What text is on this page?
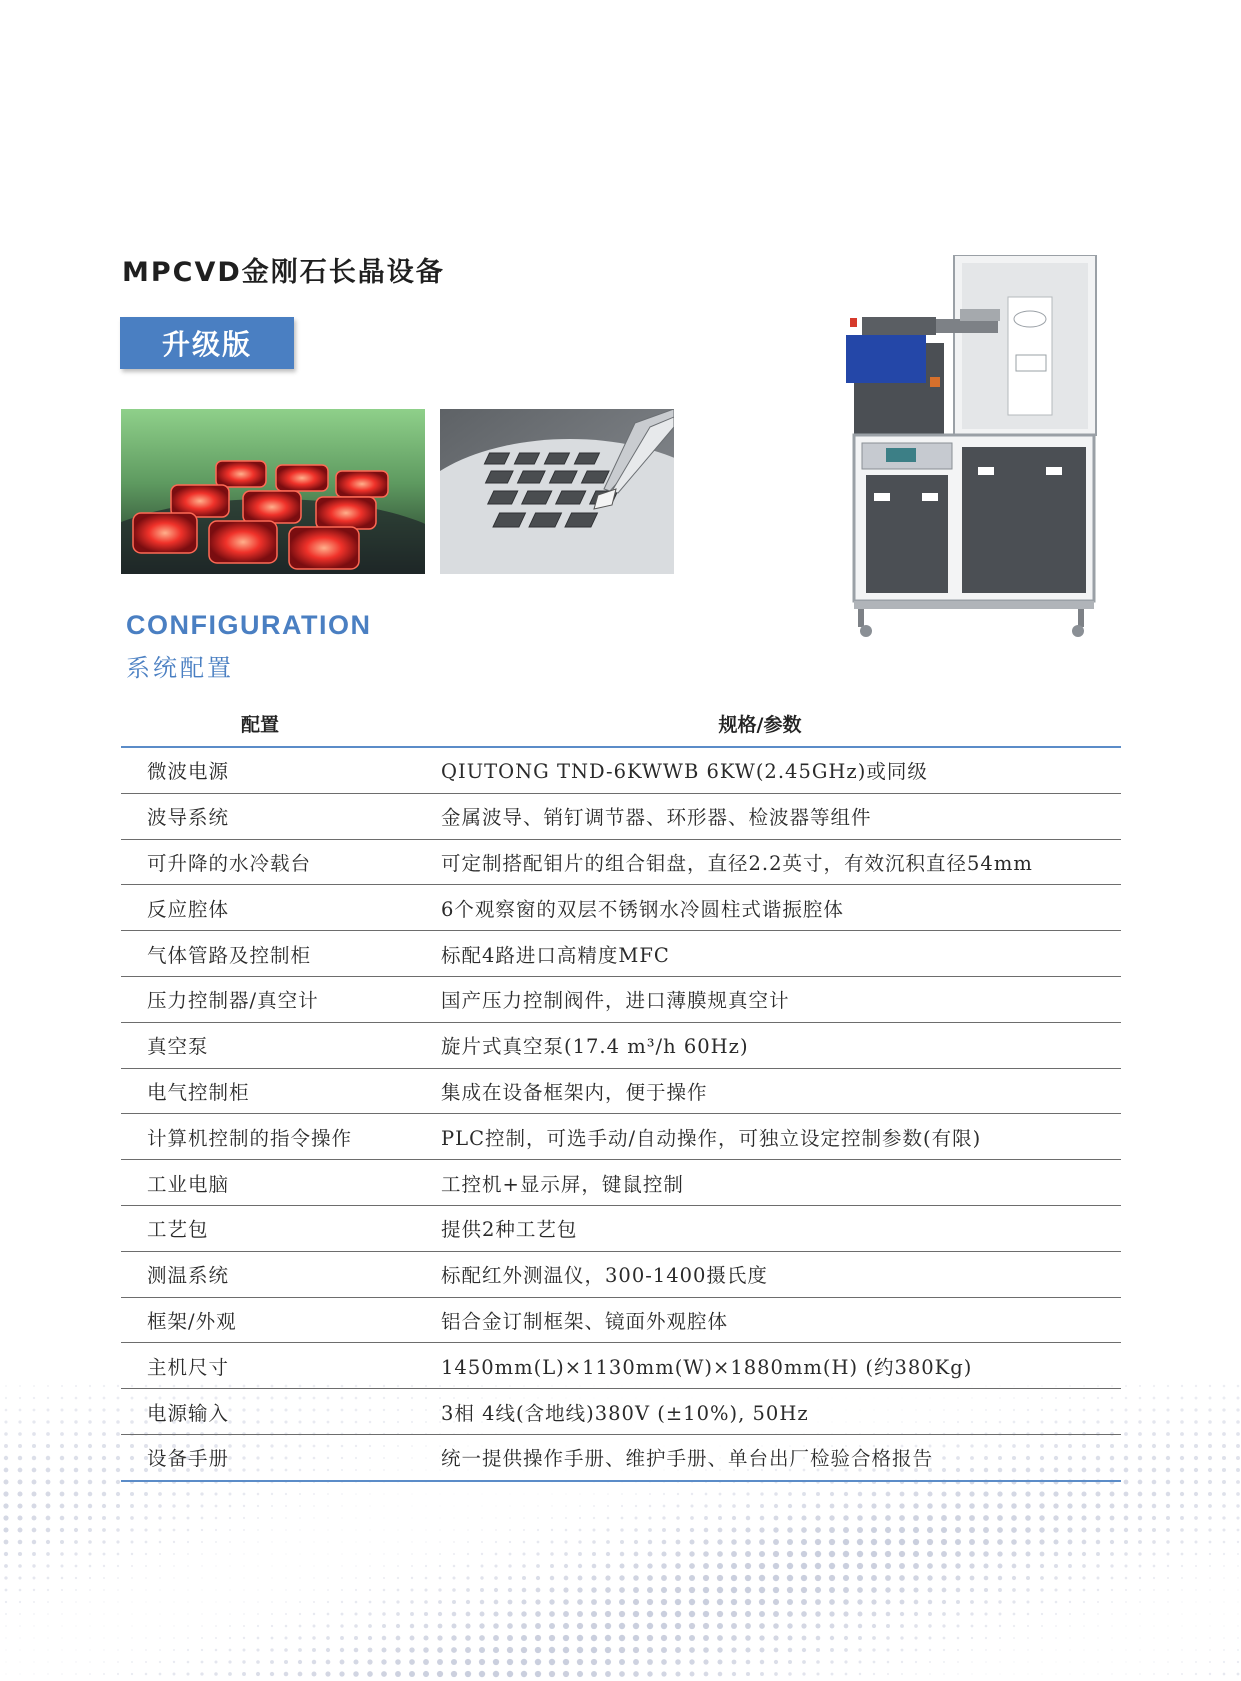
MPCVD金刚石长晶设备
升级版
CONFIGURATION
系统配置
配置	规格/参数
微波电源	QIUTONG TND-6KWWB 6KW(2.45GHz)或同级
波导系统	金属波导、销钉调节器、环形器、检波器等组件
可升降的水冷载台	可定制搭配钼片的组合钼盘，直径2.2英寸，有效沉积直径54mm
反应腔体	6个观察窗的双层不锈钢水冷圆柱式谐振腔体
气体管路及控制柜	标配4路进口高精度MFC
压力控制器/真空计	国产压力控制阀件，进口薄膜规真空计
真空泵	旋片式真空泵(17.4 m³/h 60Hz)
电气控制柜	集成在设备框架内，便于操作
计算机控制的指令操作	PLC控制，可选手动/自动操作，可独立设定控制参数(有限)
工业电脑	工控机+显示屏，键鼠控制
工艺包	提供2种工艺包
测温系统	标配红外测温仪，300-1400摄氏度
框架/外观	铝合金订制框架、镜面外观腔体
主机尺寸	1450mm(L)×1130mm(W)×1880mm(H) (约380Kg)
电源输入	3相 4线(含地线)380V (±10%), 50Hz
设备手册	统一提供操作手册、维护手册、单台出厂检验合格报告
